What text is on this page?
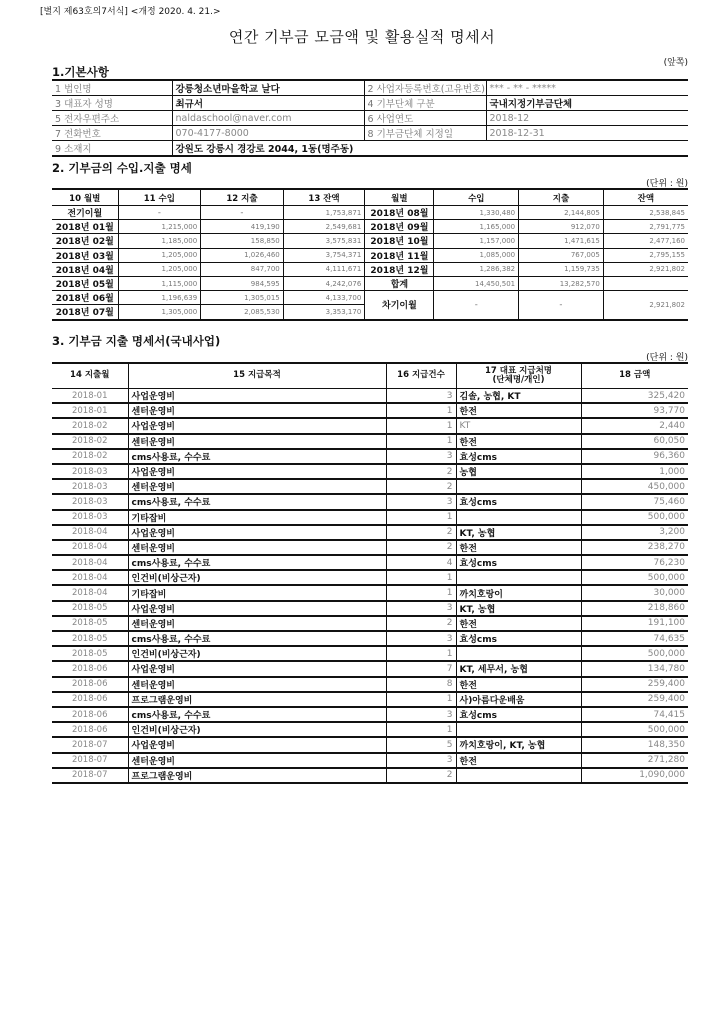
[별지 제63호의7서식] <개정 2020. 4. 21.>
연간 기부금 모금액 및 활용실적 명세서
(앞쪽)
1.기본사항
1 법인명	강릉청소년마을학교 날다	2 사업자등록번호(고유번호)	*** - ** - *****
3 대표자 성명	최규서	4 기부단체 구분	국내지정기부금단체
5 전자우편주소	naldaschool@naver.com	6 사업연도	2018-12
7 전화번호	070-4177-8000	8 기부금단체 지정일	2018-12-31
9 소재지	강원도 강릉시 경강로 2044, 1동(명주동)		
2. 기부금의 수입.지출 명세
(단위 : 원)
10 월별	11 수입	12 지출	13 잔액	월별	수입	지출	잔액
전기이월	-	-	1,753,871	2018년 08월	1,330,480	2,144,805	2,538,845
2018년 01월	1,215,000	419,190	2,549,681	2018년 09월	1,165,000	912,070	2,791,775
2018년 02월	1,185,000	158,850	3,575,831	2018년 10월	1,157,000	1,471,615	2,477,160
2018년 03월	1,205,000	1,026,460	3,754,371	2018년 11월	1,085,000	767,005	2,795,155
2018년 04월	1,205,000	847,700	4,111,671	2018년 12월	1,286,382	1,159,735	2,921,802
2018년 05월	1,115,000	984,595	4,242,076	합계	14,450,501	13,282,570	
2018년 06월	1,196,639	1,305,015	4,133,700	차기이월	-	-	2,921,802
2018년 07월	1,305,000	2,085,530	3,353,170				
3. 기부금 지출 명세서(국내사업)
(단위 : 원)
14 지출월	15 지급목적	16 지급건수	17 대표 지급처명
(단체명/개인)	18 금액
2018-01	사업운영비	3	김솔, 농협, KT	325,420
2018-01	센터운영비	1	한전	93,770
2018-02	사업운영비	1	KT	2,440
2018-02	센터운영비	1	한전	60,050
2018-02	cms사용료, 수수료	3	효성cms	96,360
2018-03	사업운영비	2	농협	1,000
2018-03	센터운영비	2		450,000
2018-03	cms사용료, 수수료	3	효성cms	75,460
2018-03	기타잡비	1		500,000
2018-04	사업운영비	2	KT, 농협	3,200
2018-04	센터운영비	2	한전	238,270
2018-04	cms사용료, 수수료	4	효성cms	76,230
2018-04	인건비(비상근자)	1		500,000
2018-04	기타잡비	1	까치호랑이	30,000
2018-05	사업운영비	3	KT, 농협	218,860
2018-05	센터운영비	2	한전	191,100
2018-05	cms사용료, 수수료	3	효성cms	74,635
2018-05	인건비(비상근자)	1		500,000
2018-06	사업운영비	7	KT, 세무서, 농협	134,780
2018-06	센터운영비	8	한전	259,400
2018-06	프로그램운영비	1	사)아름다운배움	259,400
2018-06	cms사용료, 수수료	3	효성cms	74,415
2018-06	인건비(비상근자)	1		500,000
2018-07	사업운영비	5	까치호랑이, KT, 농협	148,350
2018-07	센터운영비	3	한전	271,280
2018-07	프로그램운영비	2		1,090,000
